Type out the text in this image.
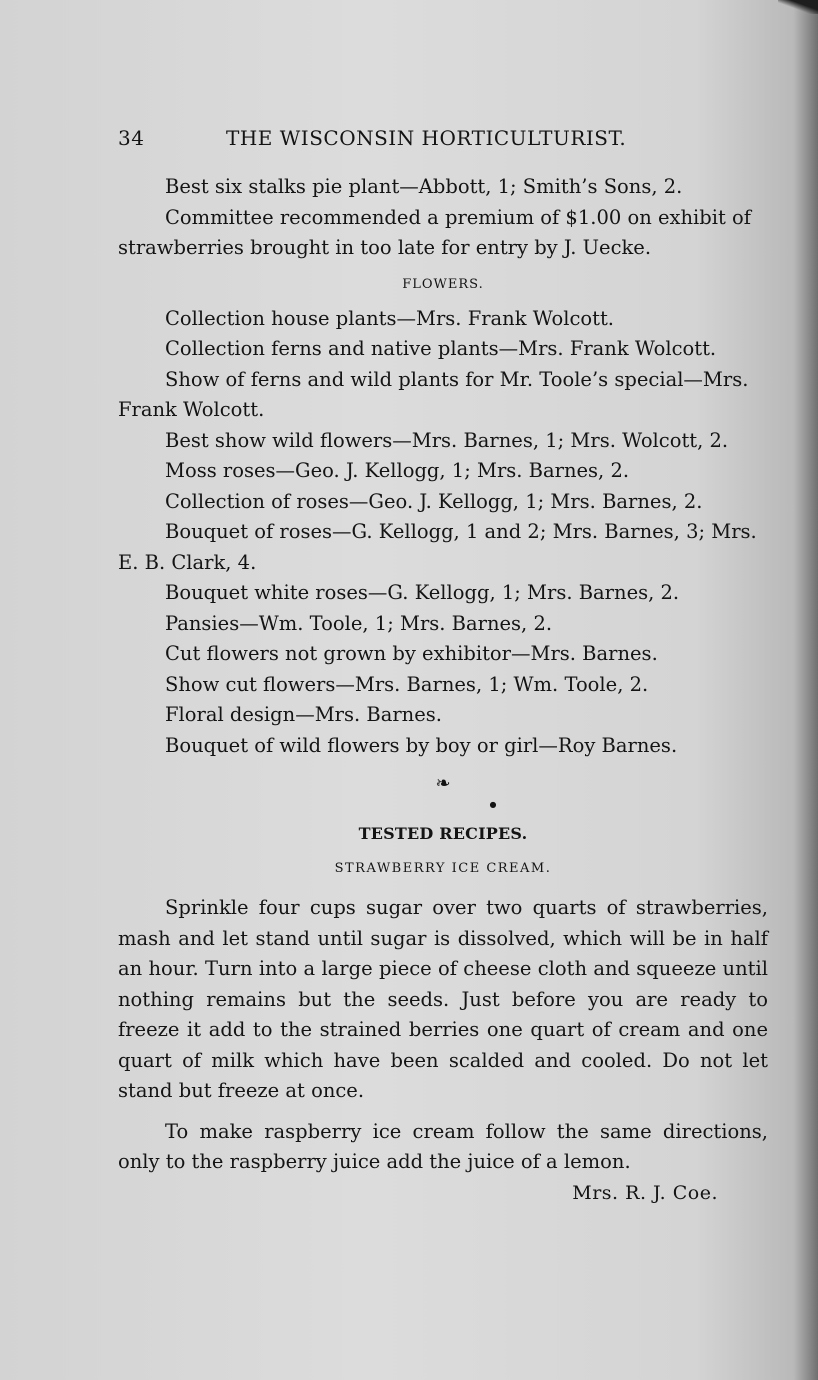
34	THE WISCONSIN HORTICULTURIST.

Best six stalks pie plant—Abbott, 1; Smith’s Sons, 2.

Committee recommended a premium of $1.00 on exhibit of strawberries brought in too late for entry by J. Uecke.

FLOWERS.

Collection house plants—Mrs. Frank Wolcott.

Collection ferns and native plants—Mrs. Frank Wolcott.

Show of ferns and wild plants for Mr. Toole’s special—Mrs. Frank Wolcott.

Best show wild flowers—Mrs. Barnes, 1; Mrs. Wolcott, 2.

Moss roses—Geo. J. Kellogg, 1; Mrs. Barnes, 2.

Collection of roses—Geo. J. Kellogg, 1; Mrs. Barnes, 2.

Bouquet of roses—G. Kellogg, 1 and 2; Mrs. Barnes, 3; Mrs. E. B. Clark, 4.

Bouquet white roses—G. Kellogg, 1; Mrs. Barnes, 2.

Pansies—Wm. Toole, 1; Mrs. Barnes, 2.

Cut flowers not grown by exhibitor—Mrs. Barnes.

Show cut flowers—Mrs. Barnes, 1; Wm. Toole, 2.

Floral design—Mrs. Barnes.

Bouquet of wild flowers by boy or girl—Roy Barnes.

❧
●
TESTED RECIPES.
STRAWBERRY ICE CREAM.

Sprinkle four cups sugar over two quarts of strawberries, mash and let stand until sugar is dissolved, which will be in half an hour. Turn into a large piece of cheese cloth and squeeze until nothing remains but the seeds. Just before you are ready to freeze it add to the strained berries one quart of cream and one quart of milk which have been scalded and cooled. Do not let stand but freeze at once.

To make raspberry ice cream follow the same directions, only to the raspberry juice add the juice of a lemon.

Mrs. R. J. Coe.
